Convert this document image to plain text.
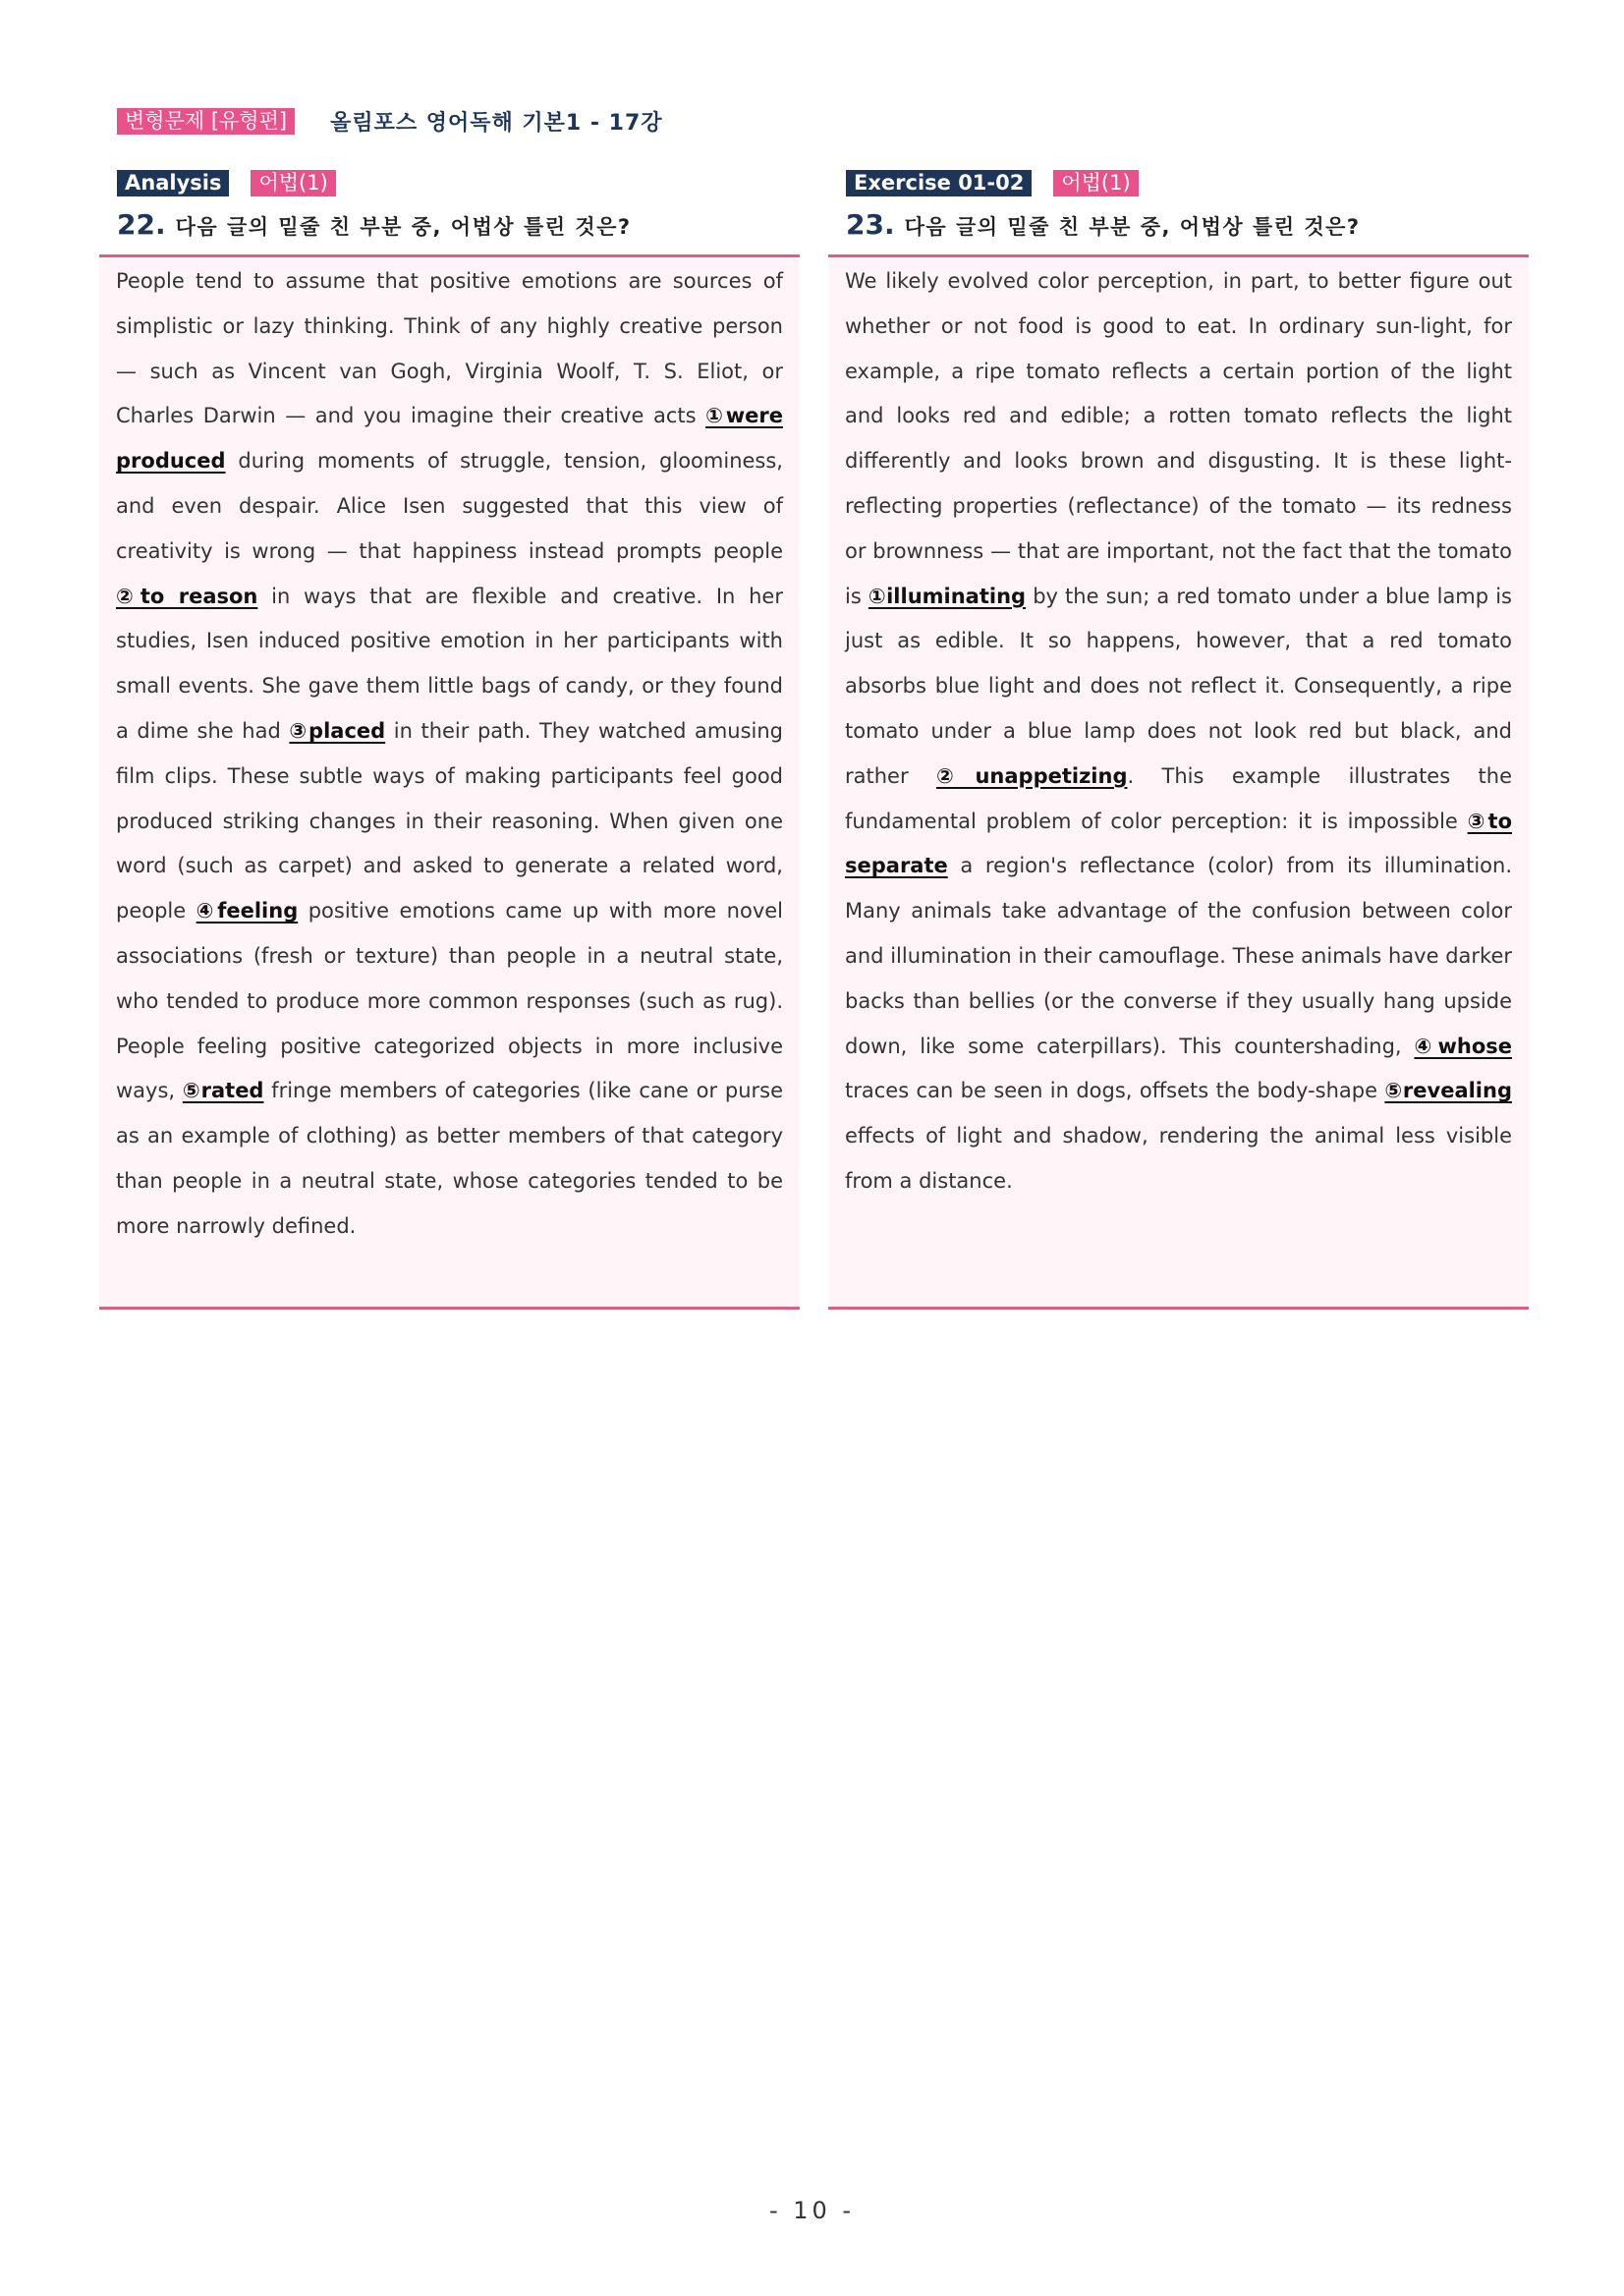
변형문제 [유형편]	올림포스 영어독해 기본1 - 17강
Analysis	어법(1)
22. 다음 글의 밑줄 친 부분 중, 어법상 틀린 것은?

People tend to assume that positive emotions are sources of simplistic or lazy thinking. Think of any highly creative person — such as Vincent van Gogh, Virginia Woolf, T. S. Eliot, or Charles Darwin — and you imagine their creative acts ①were produced during moments of struggle, tension, gloominess, and even despair. Alice Isen suggested that this view of creativity is wrong — that happiness instead prompts people ②to reason in ways that are flexible and creative. In her studies, Isen induced positive emotion in her participants with small events. She gave them little bags of candy, or they found a dime she had ③placed in their path. They watched amusing film clips. These subtle ways of making participants feel good produced striking changes in their reasoning. When given one word (such as carpet) and asked to generate a related word, people ④feeling positive emotions came up with more novel associations (fresh or texture) than people in a neutral state, who tended to produce more common responses (such as rug). People feeling positive categorized objects in more inclusive ways, ⑤rated fringe members of categories (like cane or purse as an example of clothing) as better members of that category than people in a neutral state, whose categories tended to be more narrowly defined.

Exercise 01-02	어법(1)
23. 다음 글의 밑줄 친 부분 중, 어법상 틀린 것은?

We likely evolved color perception, in part, to better figure out whether or not food is good to eat. In ordinary sun-light, for example, a ripe tomato reflects a certain portion of the light and looks red and edible; a rotten tomato reflects the light differently and looks brown and disgusting. It is these light-reflecting properties (reflectance) of the tomato — its redness or brownness — that are important, not the fact that the tomato is ①illuminating by the sun; a red tomato under a blue lamp is just as edible. It so happens, however, that a red tomato absorbs blue light and does not reflect it. Consequently, a ripe tomato under a blue lamp does not look red but black, and rather ②unappetizing. This example illustrates the fundamental problem of color perception: it is impossible ③to separate a region's reflectance (color) from its illumination. Many animals take advantage of the confusion between color and illumination in their camouflage. These animals have darker backs than bellies (or the converse if they usually hang upside down, like some caterpillars). This countershading, ④whose traces can be seen in dogs, offsets the body-shape ⑤revealing effects of light and shadow, rendering the animal less visible from a distance.

- 10 -
